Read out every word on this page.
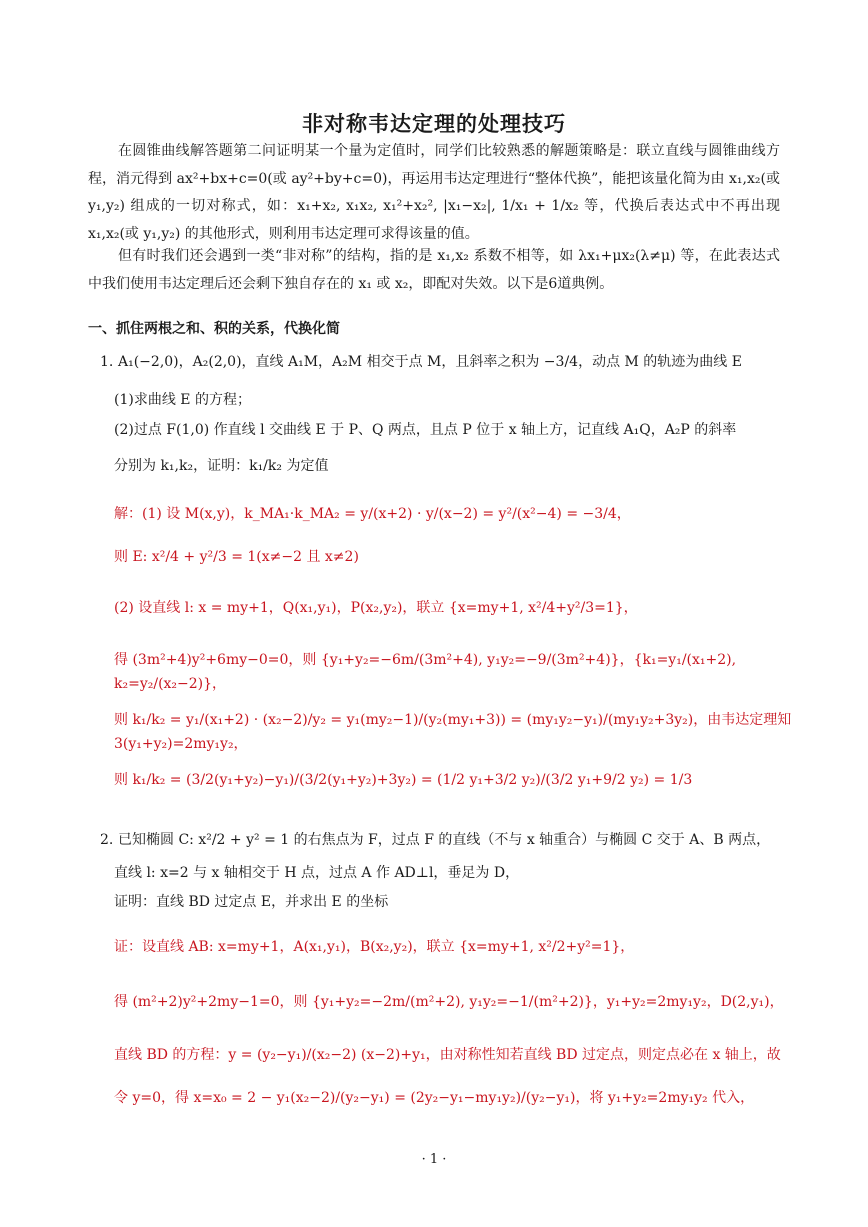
非对称韦达定理的处理技巧
在圆锥曲线解答题第二问证明某一个量为定值时，同学们比较熟悉的解题策略是：联立直线与圆锥曲线方程，消元得到 ax²+bx+c=0(或 ay²+by+c=0)，再运用韦达定理进行“整体代换”，能把该量化简为由 x₁,x₂(或 y₁,y₂) 组成的一切对称式，如：x₁+x₂, x₁x₂, x₁²+x₂², |x₁−x₂|, 1/x₁ + 1/x₂ 等，代换后表达式中不再出现 x₁,x₂(或 y₁,y₂) 的其他形式，则利用韦达定理可求得该量的值。
但有时我们还会遇到一类“非对称”的结构，指的是 x₁,x₂ 系数不相等，如 λx₁+μx₂(λ≠μ) 等，在此表达式中我们使用韦达定理后还会剩下独自存在的 x₁ 或 x₂，即配对失效。以下是6道典例。
一、抓住两根之和、积的关系，代换化简
1. A₁(−2,0)，A₂(2,0)，直线 A₁M，A₂M 相交于点 M，且斜率之积为 −3/4，动点 M 的轨迹为曲线 E
(1)求曲线 E 的方程；
(2)过点 F(1,0) 作直线 l 交曲线 E 于 P、Q 两点，且点 P 位于 x 轴上方，记直线 A₁Q，A₂P 的斜率
分别为 k₁,k₂，证明：k₁/k₂ 为定值
解：(1) 设 M(x,y)，k_MA₁·k_MA₂ = y/(x+2) · y/(x−2) = y²/(x²−4) = −3/4，
则 E: x²/4 + y²/3 = 1(x≠−2 且 x≠2)
(2) 设直线 l: x = my+1，Q(x₁,y₁)，P(x₂,y₂)，联立 {x=my+1, x²/4+y²/3=1}，
得 (3m²+4)y²+6my−0=0，则 {y₁+y₂=−6m/(3m²+4), y₁y₂=−9/(3m²+4)}，{k₁=y₁/(x₁+2), k₂=y₂/(x₂−2)}，
则 k₁/k₂ = y₁/(x₁+2) · (x₂−2)/y₂ = y₁(my₂−1)/(y₂(my₁+3)) = (my₁y₂−y₁)/(my₁y₂+3y₂)，由韦达定理知 3(y₁+y₂)=2my₁y₂，
则 k₁/k₂ = (3/2(y₁+y₂)−y₁)/(3/2(y₁+y₂)+3y₂) = (1/2 y₁+3/2 y₂)/(3/2 y₁+9/2 y₂) = 1/3
2. 已知椭圆 C: x²/2 + y² = 1 的右焦点为 F，过点 F 的直线（不与 x 轴重合）与椭圆 C 交于 A、B 两点，
直线 l: x=2 与 x 轴相交于 H 点，过点 A 作 AD⊥l，垂足为 D，
证明：直线 BD 过定点 E，并求出 E 的坐标
证：设直线 AB: x=my+1，A(x₁,y₁)，B(x₂,y₂)，联立 {x=my+1, x²/2+y²=1}，
得 (m²+2)y²+2my−1=0，则 {y₁+y₂=−2m/(m²+2), y₁y₂=−1/(m²+2)}，y₁+y₂=2my₁y₂，D(2,y₁)，
直线 BD 的方程：y = (y₂−y₁)/(x₂−2) (x−2)+y₁，由对称性知若直线 BD 过定点，则定点必在 x 轴上，故
令 y=0，得 x=x₀ = 2 − y₁(x₂−2)/(y₂−y₁) = (2y₂−y₁−my₁y₂)/(y₂−y₁)，将 y₁+y₂=2my₁y₂ 代入，
· 1 ·
